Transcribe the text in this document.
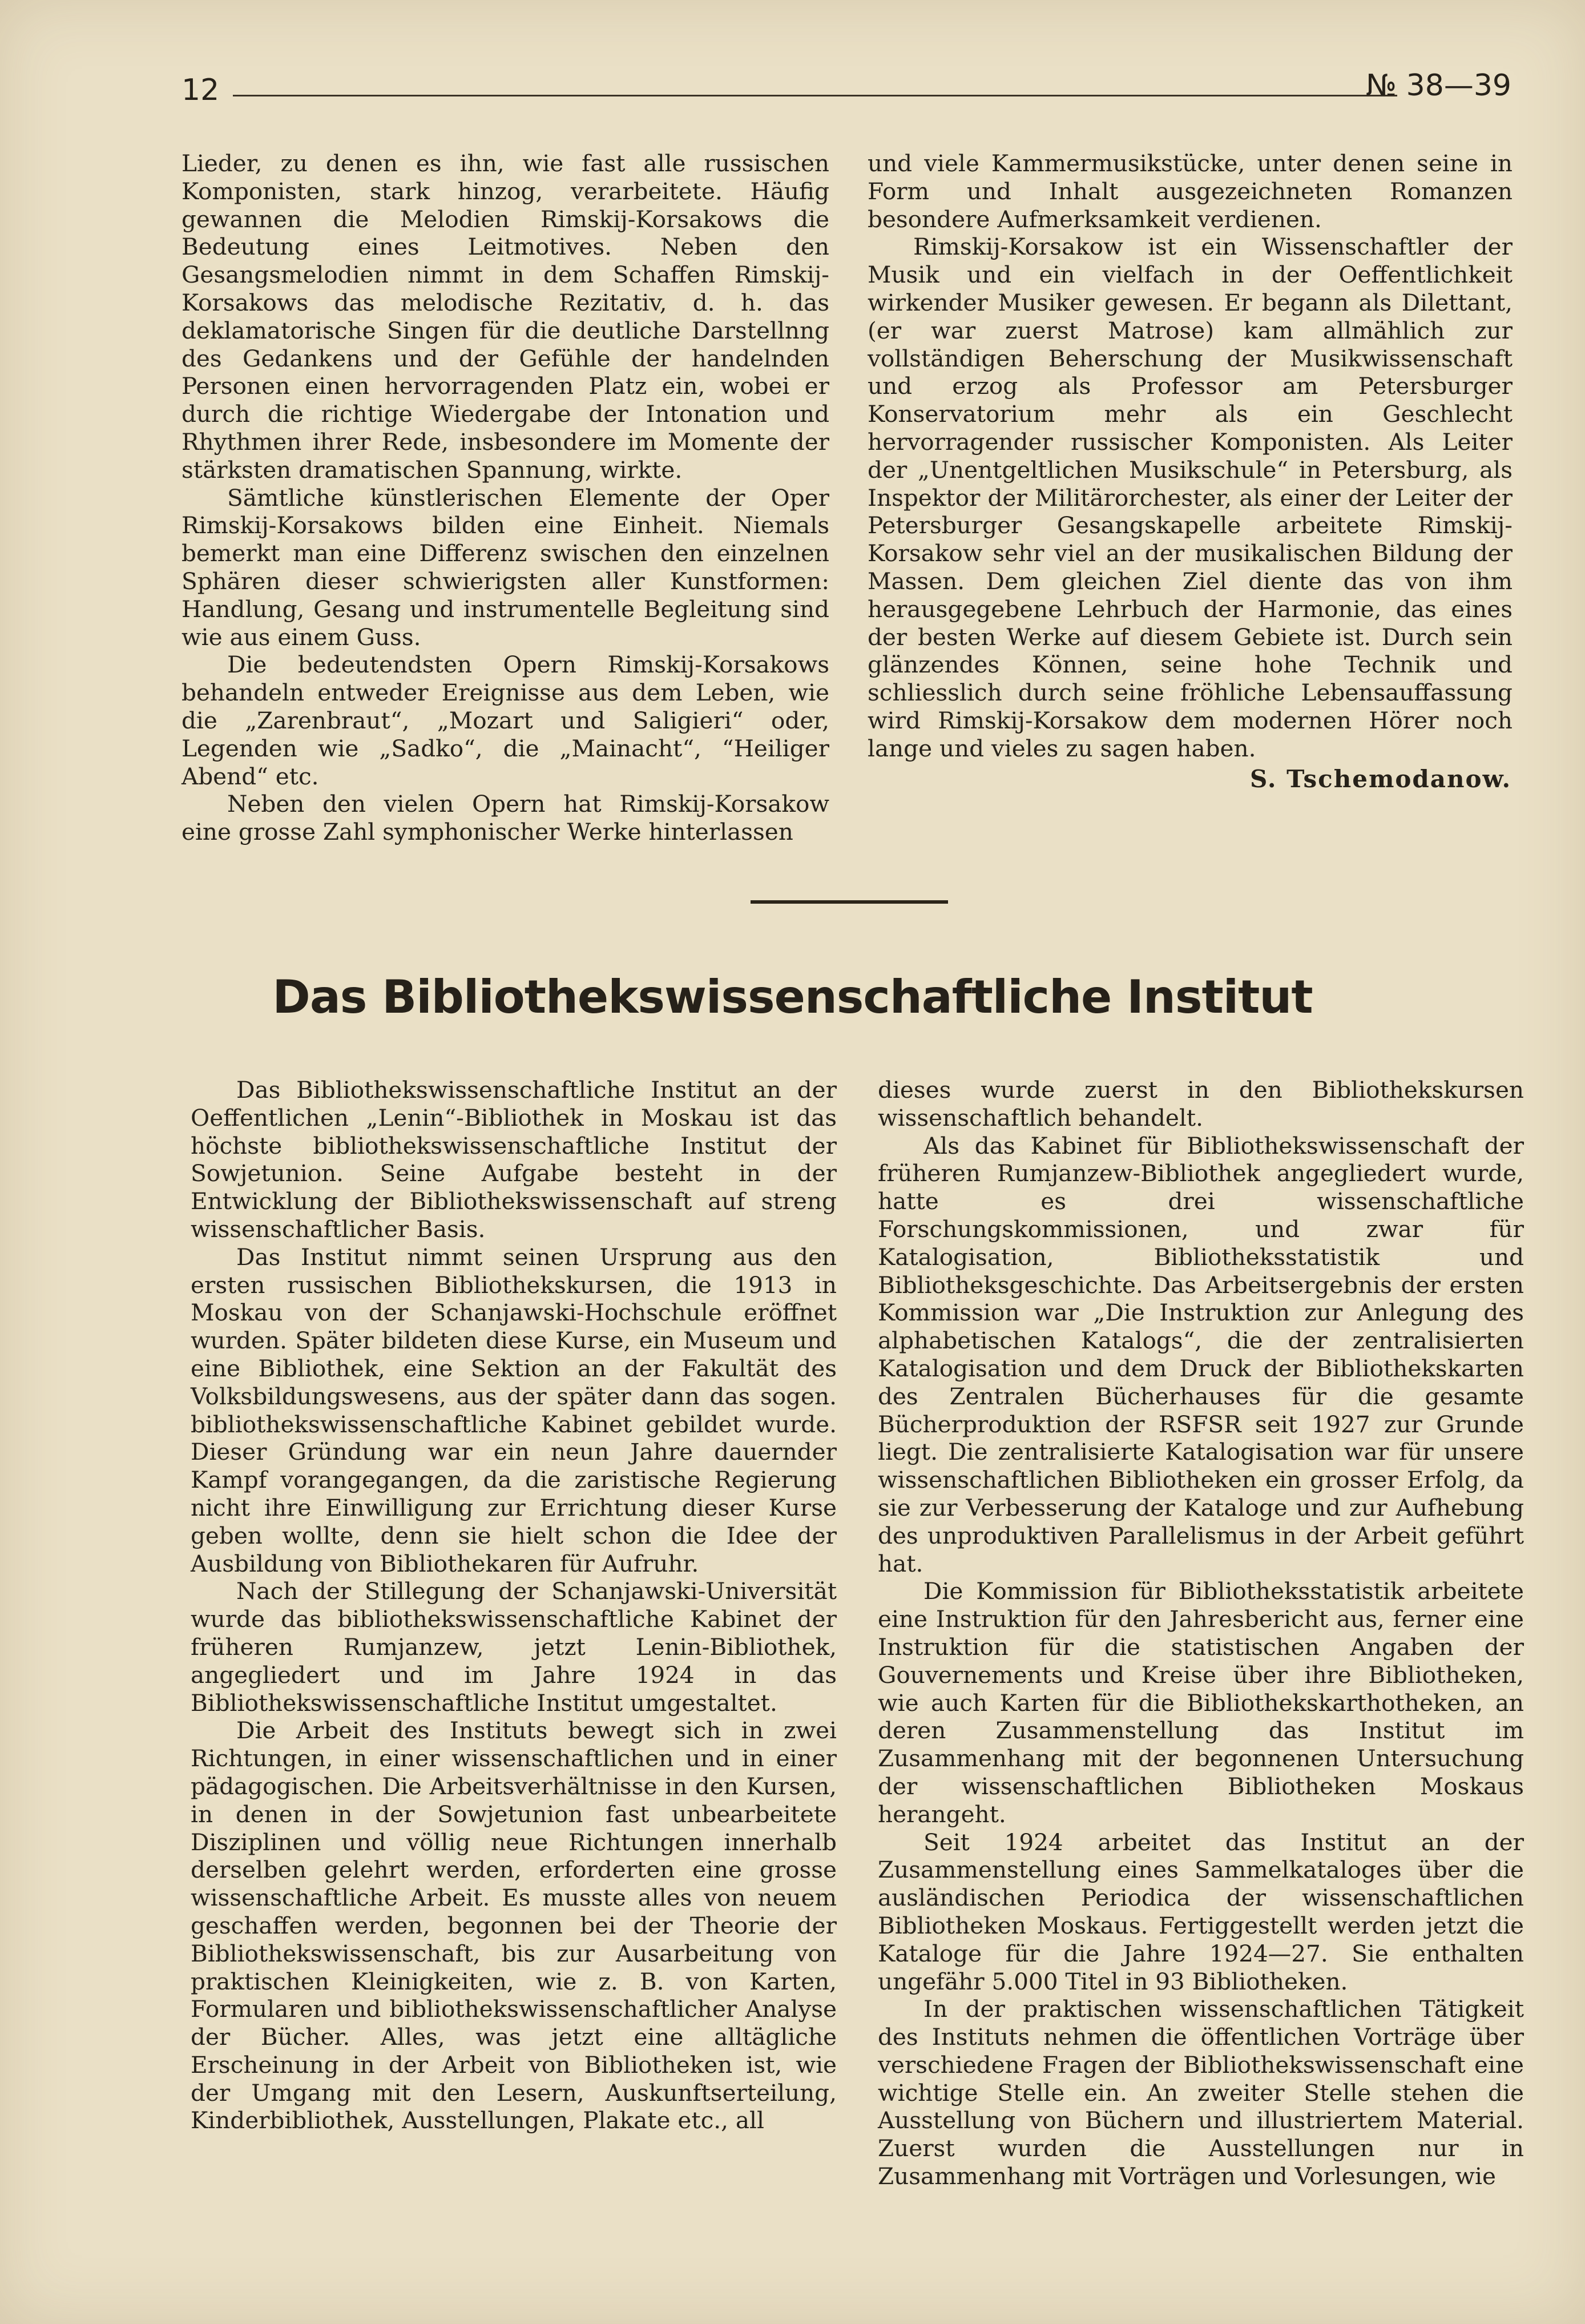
12	№ 38—39

Lieder, zu denen es ihn, wie fast alle russischen Komponisten, stark hinzog, verarbeitete. Häufig gewannen die Melodien Rimskij-Korsakows die Bedeutung eines Leitmotives. Neben den Gesangsmelodien nimmt in dem Schaffen Rimskij-Korsakows das melodische Rezitativ, d. h. das deklamatorische Singen für die deutliche Darstellnng des Gedankens und der Gefühle der handelnden Personen einen hervorragenden Platz ein, wobei er durch die richtige Wiedergabe der Intonation und Rhythmen ihrer Rede, insbesondere im Momente der stärksten dramatischen Spannung, wirkte.

Sämtliche künstlerischen Elemente der Oper Rimskij-Korsakows bilden eine Einheit. Niemals bemerkt man eine Differenz swischen den einzelnen Sphären dieser schwierigsten aller Kunstformen: Handlung, Gesang und instrumentelle Begleitung sind wie aus einem Guss.

Die bedeutendsten Opern Rimskij-Korsakows behandeln entweder Ereignisse aus dem Leben, wie die „Zarenbraut“, „Mozart und Saligieri“ oder, Legenden wie „Sadko“, die „Mainacht“, “Heiliger Abend“ etc.

Neben den vielen Opern hat Rimskij-Korsakow eine grosse Zahl symphonischer Werke hinterlassen

und viele Kammermusikstücke, unter denen seine in Form und Inhalt ausgezeichneten Romanzen besondere Aufmerksamkeit verdienen.

Rimskij-Korsakow ist ein Wissenschaftler der Musik und ein vielfach in der Oeffentlichkeit wirkender Musiker gewesen. Er begann als Dilettant, (er war zuerst Matrose) kam allmählich zur vollständigen Beherschung der Musikwissenschaft und erzog als Professor am Petersburger Konservatorium mehr als ein Geschlecht hervorragender russischer Komponisten. Als Leiter der „Unentgeltlichen Musikschule“ in Petersburg, als Inspektor der Militärorchester, als einer der Leiter der Petersburger Gesangskapelle arbeitete Rimskij-Korsakow sehr viel an der musikalischen Bildung der Massen. Dem gleichen Ziel diente das von ihm herausgegebene Lehrbuch der Harmonie, das eines der besten Werke auf diesem Gebiete ist. Durch sein glänzendes Können, seine hohe Technik und schliesslich durch seine fröhliche Lebensauffassung wird Rimskij-Korsakow dem modernen Hörer noch lange und vieles zu sagen haben.

S. Tschemodanow.
Das Bibliothekswissenschaftliche Institut

Das Bibliothekswissenschaftliche Institut an der Oeffentlichen „Lenin“-Bibliothek in Moskau ist das höchste bibliothekswissenschaftliche Institut der Sowjetunion. Seine Aufgabe besteht in der Entwicklung der Bibliothekswissenschaft auf streng wissenschaftlicher Basis.

Das Institut nimmt seinen Ursprung aus den ersten russischen Bibliothekskursen, die 1913 in Moskau von der Schanjawski-Hochschule eröffnet wurden. Später bildeten diese Kurse, ein Museum und eine Bibliothek, eine Sektion an der Fakultät des Volksbildungswesens, aus der später dann das sogen. bibliothekswissenschaftliche Kabinet gebildet wurde. Dieser Gründung war ein neun Jahre dauernder Kampf vorangegangen, da die zaristische Regierung nicht ihre Einwilligung zur Errichtung dieser Kurse geben wollte, denn sie hielt schon die Idee der Ausbildung von Bibliothekaren für Aufruhr.

Nach der Stillegung der Schanjawski-Universität wurde das bibliothekswissenschaftliche Kabinet der früheren Rumjanzew, jetzt Lenin-Bibliothek, angegliedert und im Jahre 1924 in das Bibliothekswissenschaftliche Institut umgestaltet.

Die Arbeit des Instituts bewegt sich in zwei Richtungen, in einer wissenschaftlichen und in einer pädagogischen. Die Arbeitsverhältnisse in den Kursen, in denen in der Sowjetunion fast unbearbeitete Disziplinen und völlig neue Richtungen innerhalb derselben gelehrt werden, erforderten eine grosse wissenschaftliche Arbeit. Es musste alles von neuem geschaffen werden, begonnen bei der Theorie der Bibliothekswissenschaft, bis zur Ausarbeitung von praktischen Kleinigkeiten, wie z. B. von Karten, Formularen und bibliothekswissenschaftlicher Analyse der Bücher. Alles, was jetzt eine alltägliche Erscheinung in der Arbeit von Bibliotheken ist, wie der Umgang mit den Lesern, Auskunftserteilung, Kinderbibliothek, Ausstellungen, Plakate etc., all

dieses wurde zuerst in den Bibliothekskursen wissenschaftlich behandelt.

Als das Kabinet für Bibliothekswissenschaft der früheren Rumjanzew-Bibliothek angegliedert wurde, hatte es drei wissenschaftliche Forschungskommissionen, und zwar für Katalogisation, Bibliotheksstatistik und Bibliotheksgeschichte. Das Arbeitsergebnis der ersten Kommission war „Die Instruktion zur Anlegung des alphabetischen Katalogs“, die der zentralisierten Katalogisation und dem Druck der Bibliothekskarten des Zentralen Bücherhauses für die gesamte Bücherproduktion der RSFSR seit 1927 zur Grunde liegt. Die zentralisierte Katalogisation war für unsere wissenschaftlichen Bibliotheken ein grosser Erfolg, da sie zur Verbesserung der Kataloge und zur Aufhebung des unproduktiven Parallelismus in der Arbeit geführt hat.

Die Kommission für Bibliotheksstatistik arbeitete eine Instruktion für den Jahresbericht aus, ferner eine Instruktion für die statistischen Angaben der Gouvernements und Kreise über ihre Bibliotheken, wie auch Karten für die Bibliothekskarthotheken, an deren Zusammenstellung das Institut im Zusammenhang mit der begonnenen Untersuchung der wissenschaftlichen Bibliotheken Moskaus herangeht.

Seit 1924 arbeitet das Institut an der Zusammenstellung eines Sammelkataloges über die ausländischen Periodica der wissenschaftlichen Bibliotheken Moskaus. Fertiggestellt werden jetzt die Kataloge für die Jahre 1924—27. Sie enthalten ungefähr 5.000 Titel in 93 Bibliotheken.

In der praktischen wissenschaftlichen Tätigkeit des Instituts nehmen die öffentlichen Vorträge über verschiedene Fragen der Bibliothekswissenschaft eine wichtige Stelle ein. An zweiter Stelle stehen die Ausstellung von Büchern und illustriertem Material. Zuerst wurden die Ausstellungen nur in Zusammenhang mit Vorträgen und Vorlesungen, wie
